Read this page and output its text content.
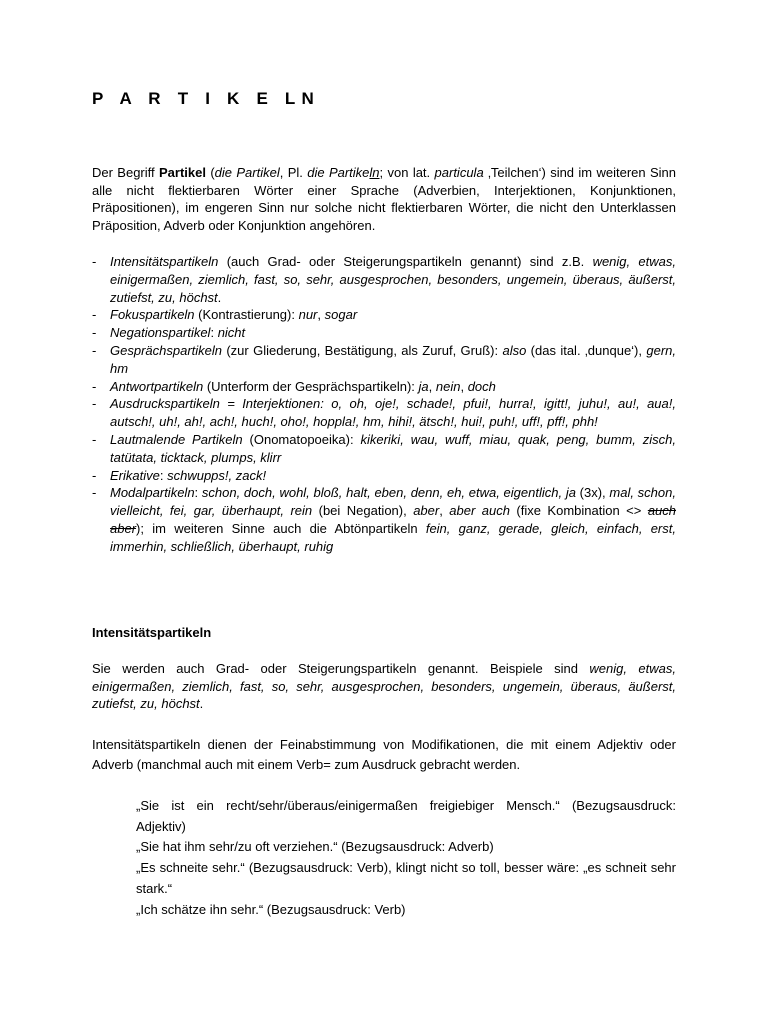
P A R T I K E LN
Der Begriff Partikel (die Partikel, Pl. die Partikeln; von lat. particula ‚Teilchen‘) sind im weiteren Sinn alle nicht flektierbaren Wörter einer Sprache (Adverbien, Interjektionen, Konjunktionen, Präpositionen), im engeren Sinn nur solche nicht flektierbaren Wörter, die nicht den Unterklassen Präposition, Adverb oder Konjunktion angehören.
- Intensitätspartikeln (auch Grad- oder Steigerungspartikeln genannt) sind z.B. wenig, etwas, einigermaßen, ziemlich, fast, so, sehr, ausgesprochen, besonders, ungemein, überaus, äußerst, zutiefst, zu, höchst.
- Fokuspartikeln (Kontrastierung): nur, sogar
- Negationspartikel: nicht
- Gesprächspartikeln (zur Gliederung, Bestätigung, als Zuruf, Gruß): also (das ital. ‚dunque‘), gern, hm
- Antwortpartikeln (Unterform der Gesprächspartikeln): ja, nein, doch
- Ausdruckspartikeln = Interjektionen: o, oh, oje!, schade!, pfui!, hurra!, igitt!, juhu!, au!, aua!, autsch!, uh!, ah!, ach!, huch!, oho!, hoppla!, hm, hihi!, ätsch!, hui!, puh!, uff!, pff!, phh!
- Lautmalende Partikeln (Onomatopoeika): kikeriki, wau, wuff, miau, quak, peng, bumm, zisch, tatütata, ticktack, plumps, klirr
- Erikative: schwupps!, zack!
- Modalpartikeln: schon, doch, wohl, bloß, halt, eben, denn, eh, etwa, eigentlich, ja (3x), mal, schon, vielleicht, fei, gar, überhaupt, rein (bei Negation), aber, aber auch (fixe Kombination <> auch aber); im weiteren Sinne auch die Abtönpartikeln fein, ganz, gerade, gleich, einfach, erst, immerhin, schließlich, überhaupt, ruhig
Intensitätspartikeln
Sie werden auch Grad- oder Steigerungspartikeln genannt. Beispiele sind wenig, etwas, einigermaßen, ziemlich, fast, so, sehr, ausgesprochen, besonders, ungemein, überaus, äußerst, zutiefst, zu, höchst.
Intensitätspartikeln dienen der Feinabstimmung von Modifikationen, die mit einem Adjektiv oder Adverb (manchmal auch mit einem Verb= zum Ausdruck gebracht werden.
„Sie ist ein recht/sehr/überaus/einigermaßen freigiebiger Mensch.“ (Bezugsausdruck: Adjektiv)
„Sie hat ihm sehr/zu oft verziehen.“ (Bezugsausdruck: Adverb)
„Es schneite sehr.“ (Bezugsausdruck: Verb), klingt nicht so toll, besser wäre: „es schneit sehr stark.“
„Ich schätze ihn sehr.“ (Bezugsausdruck: Verb)
